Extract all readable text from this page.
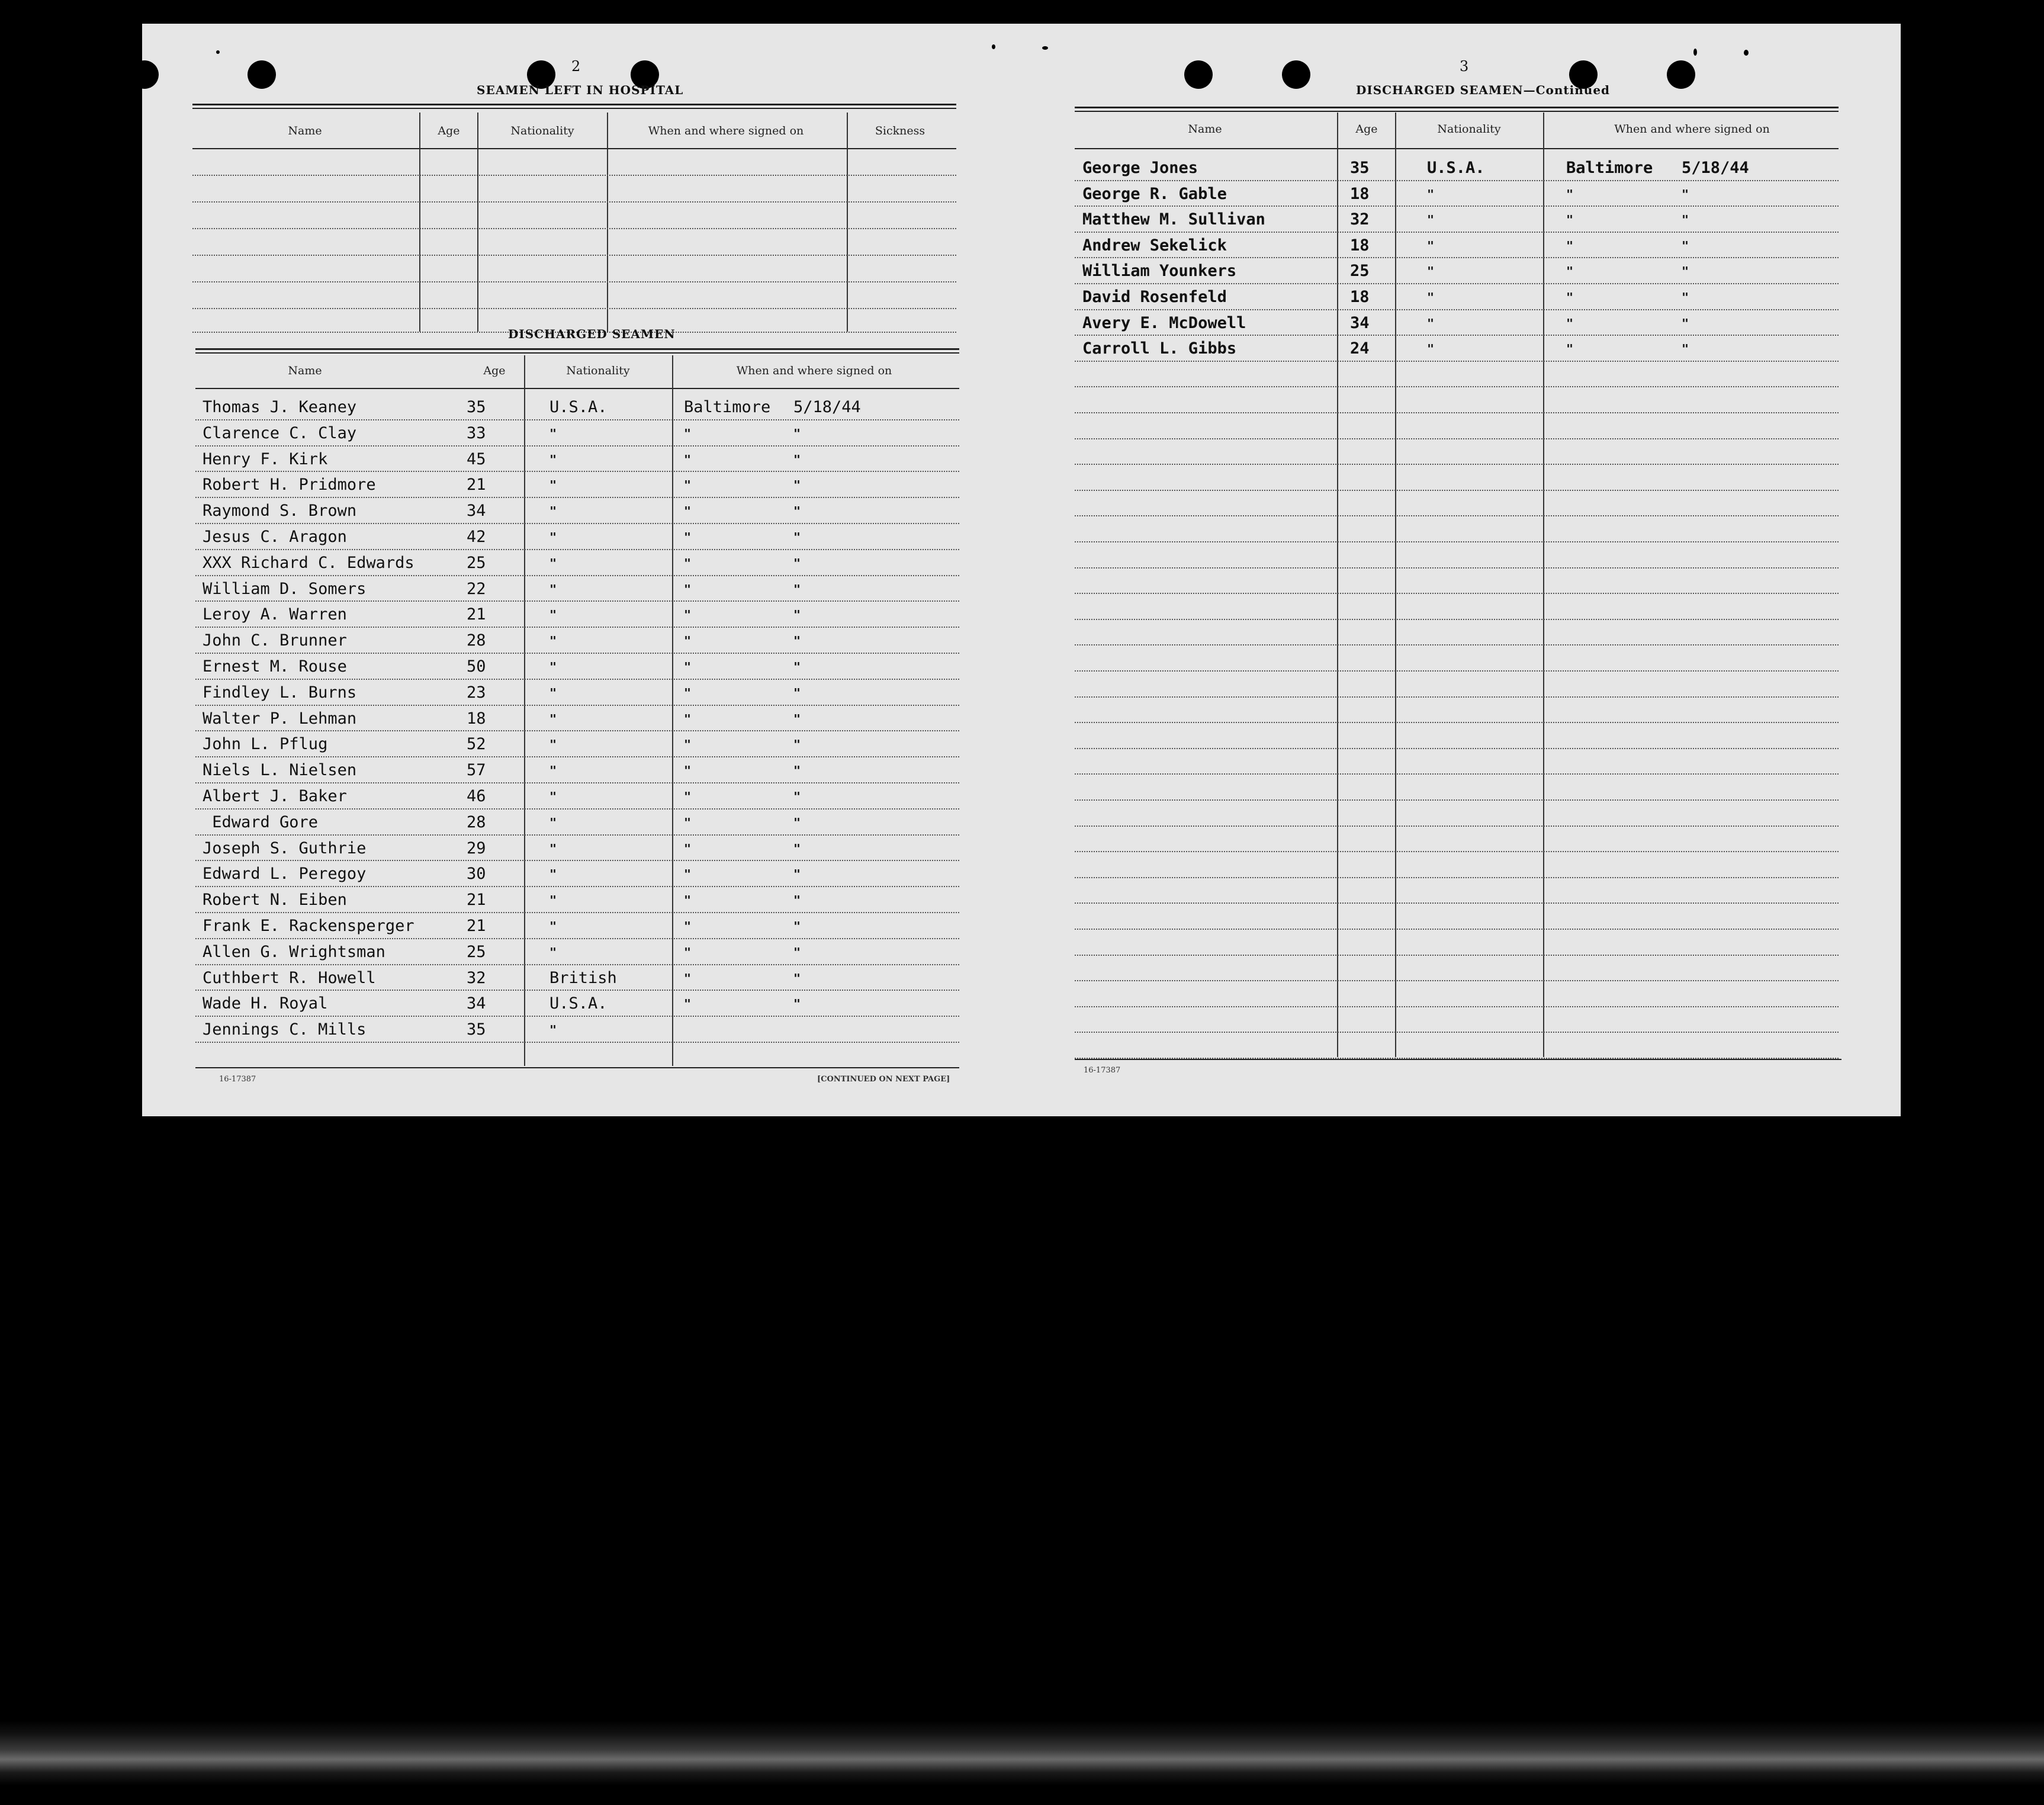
2
SEAMEN LEFT IN HOSPITAL
Name	Age	Nationality	When and where signed on	Sickness
DISCHARGED SEAMEN
Name	Age	Nationality	When and where signed on
Thomas J. Keaney	35	U.S.A.	Baltimore 5/18/44
Clarence C. Clay	33	"	"	"
Henry F. Kirk	45	"	"	"
Robert H. Pridmore	21	"	"	"
Raymond S. Brown	34	"	"	"
Jesus C. Aragon	42	"	"	"
XXX Richard C. Edwards	25	"	"	"
William D. Somers	22	"	"	"
Leroy A. Warren	21	"	"	"
John C. Brunner	28	"	"	"
Ernest M. Rouse	50	"	"	"
Findley L. Burns	23	"	"	"
Walter P. Lehman	18	"	"	"
John L. Pflug	52	"	"	"
Niels L. Nielsen	57	"	"	"
Albert J. Baker	46	"	"	"
Edward Gore	28	"	"	"
Joseph S. Guthrie	29	"	"	"
Edward L. Peregoy	30	"	"	"
Robert N. Eiben	21	"	"	"
Frank E. Rackensperger	21	"	"	"
Allen G. Wrightsman	25	"	"	"
Cuthbert R. Howell	32	British	"	"
Wade H. Royal	34	U.S.A.	"	"
Jennings C. Mills	35	"
16-17387	[CONTINUED ON NEXT PAGE]
3
DISCHARGED SEAMEN—Continued
Name	Age	Nationality	When and where signed on
George Jones	35	U.S.A.	Baltimore 5/18/44
George R. Gable	18	"	"	"
Matthew M. Sullivan	32	"	"	"
Andrew Sekelick	18	"	"	"
William Younkers	25	"	"	"
David Rosenfeld	18	"	"	"
Avery E. McDowell	34	"	"	"
Carroll L. Gibbs	24	"	"	"
16-17387
